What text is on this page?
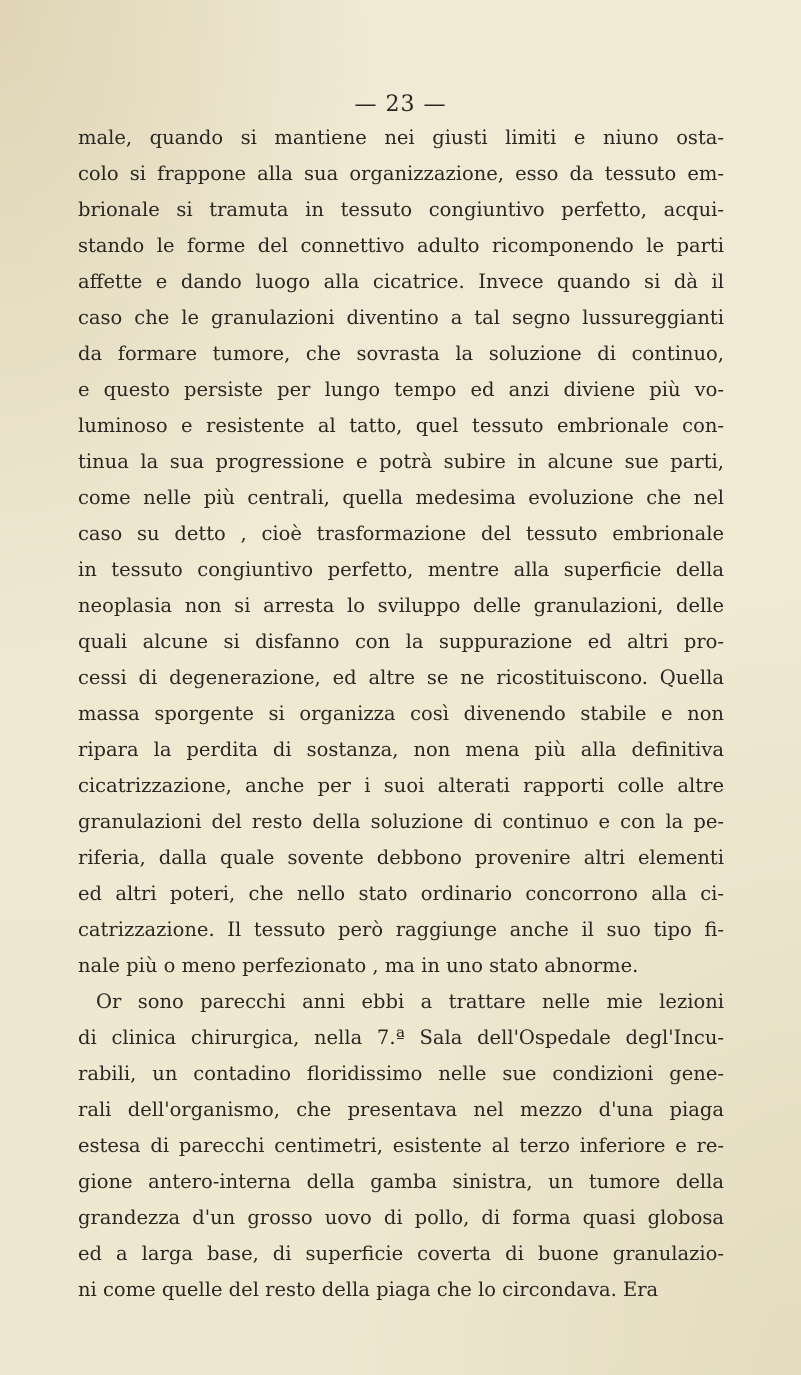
— 23 —
male, quando si mantiene nei giusti limiti e niuno osta-
colo si frappone alla sua organizzazione, esso da tessuto em-
brionale si tramuta in tessuto congiuntivo perfetto, acqui-
stando le forme del connettivo adulto ricomponendo le parti
affette e dando luogo alla cicatrice. Invece quando si dà il
caso che le granulazioni diventino a tal segno lussureggianti
da formare tumore, che sovrasta la soluzione di continuo,
e questo persiste per lungo tempo ed anzi diviene più vo-
luminoso e resistente al tatto, quel tessuto embrionale con-
tinua la sua progressione e potrà subire in alcune sue parti,
come nelle più centrali, quella medesima evoluzione che nel
caso su detto , cioè trasformazione del tessuto embrionale
in tessuto congiuntivo perfetto, mentre alla superficie della
neoplasia non si arresta lo sviluppo delle granulazioni, delle
quali alcune si disfanno con la suppurazione ed altri pro-
cessi di degenerazione, ed altre se ne ricostituiscono. Quella
massa sporgente si organizza così divenendo stabile e non
ripara la perdita di sostanza, non mena più alla definitiva
cicatrizzazione, anche per i suoi alterati rapporti colle altre
granulazioni del resto della soluzione di continuo e con la pe-
riferia, dalla quale sovente debbono provenire altri elementi
ed altri poteri, che nello stato ordinario concorrono alla ci-
catrizzazione. Il tessuto però raggiunge anche il suo tipo fi-
nale più o meno perfezionato , ma in uno stato abnorme.
Or sono parecchi anni ebbi a trattare nelle mie lezioni
di clinica chirurgica, nella 7.ª Sala dell'Ospedale degl'Incu-
rabili, un contadino floridissimo nelle sue condizioni gene-
rali dell'organismo, che presentava nel mezzo d'una piaga
estesa di parecchi centimetri, esistente al terzo inferiore e re-
gione antero-interna della gamba sinistra, un tumore della
grandezza d'un grosso uovo di pollo, di forma quasi globosa
ed a larga base, di superficie coverta di buone granulazio-
ni come quelle del resto della piaga che lo circondava. Era
